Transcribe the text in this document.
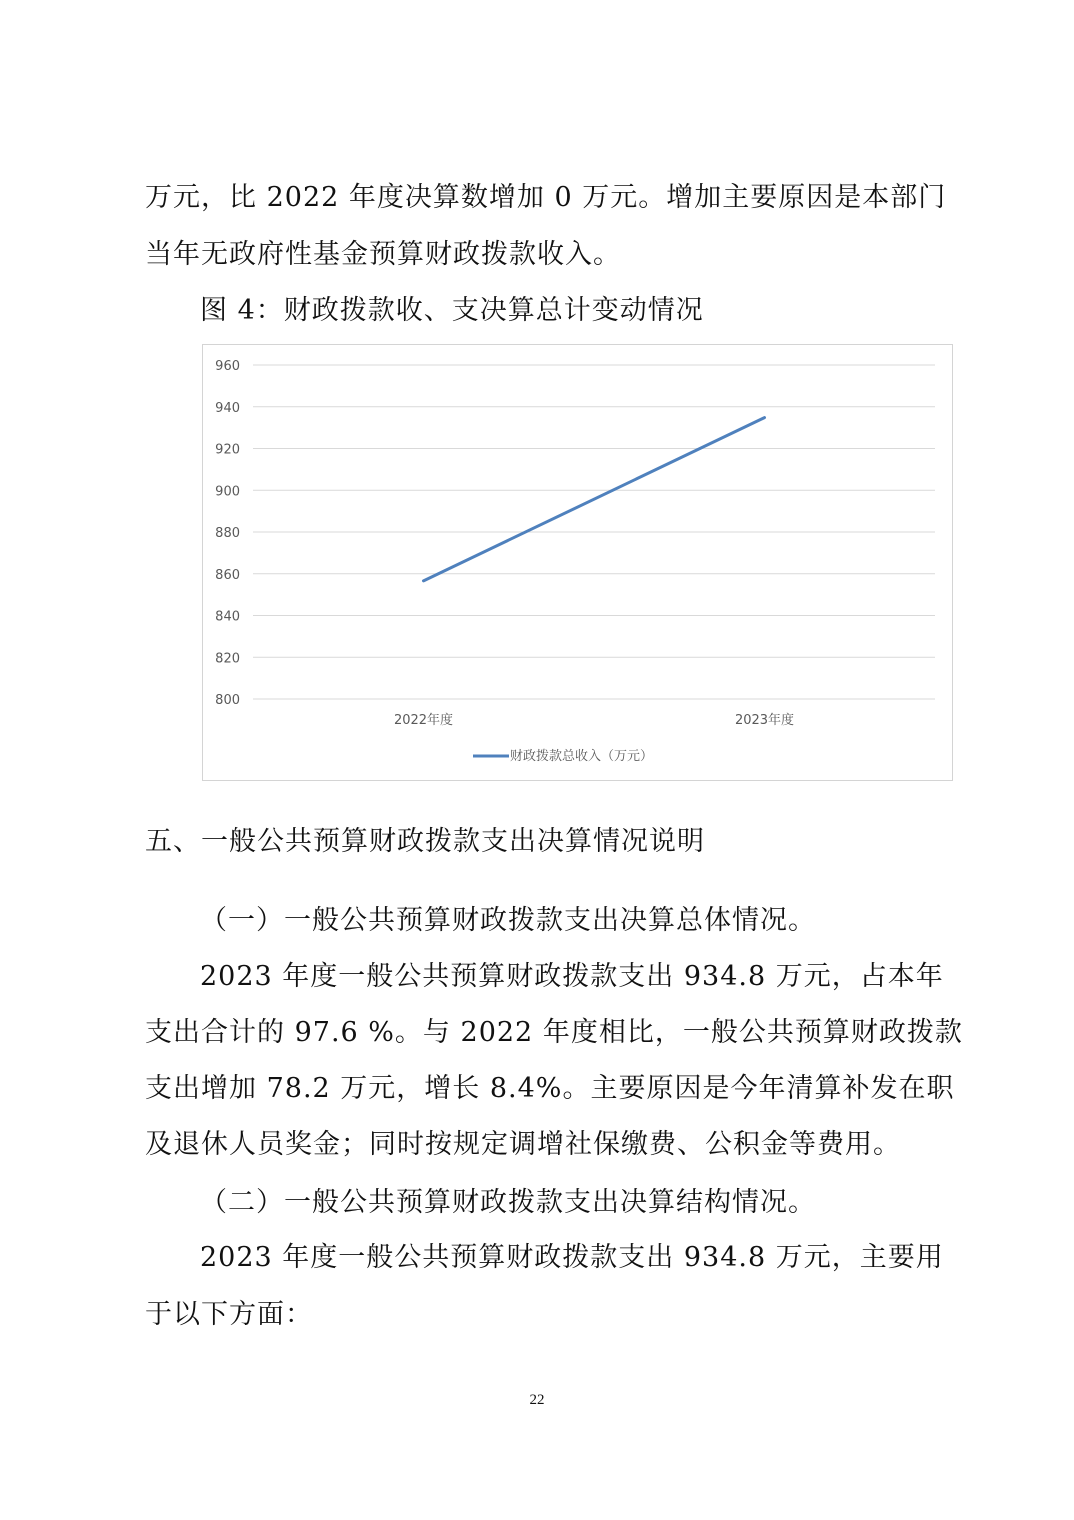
万元，比 2022 年度决算数增加 0 万元。增加主要原因是本部门
当年无政府性基金预算财政拨款收入。
图 4：财政拨款收、支决算总计变动情况
800
820
840
860
880
900
920
940
960
2022年度	2023年度
财政拨款总收入（万元）
五、一般公共预算财政拨款支出决算情况说明
（一）一般公共预算财政拨款支出决算总体情况。
2023 年度一般公共预算财政拨款支出 934.8 万元，占本年
支出合计的 97.6 %。与 2022 年度相比，一般公共预算财政拨款
支出增加 78.2 万元，增长 8.4%。主要原因是今年清算补发在职
及退休人员奖金；同时按规定调增社保缴费、公积金等费用。
（二）一般公共预算财政拨款支出决算结构情况。
2023 年度一般公共预算财政拨款支出 934.8 万元，主要用
于以下方面：
22
